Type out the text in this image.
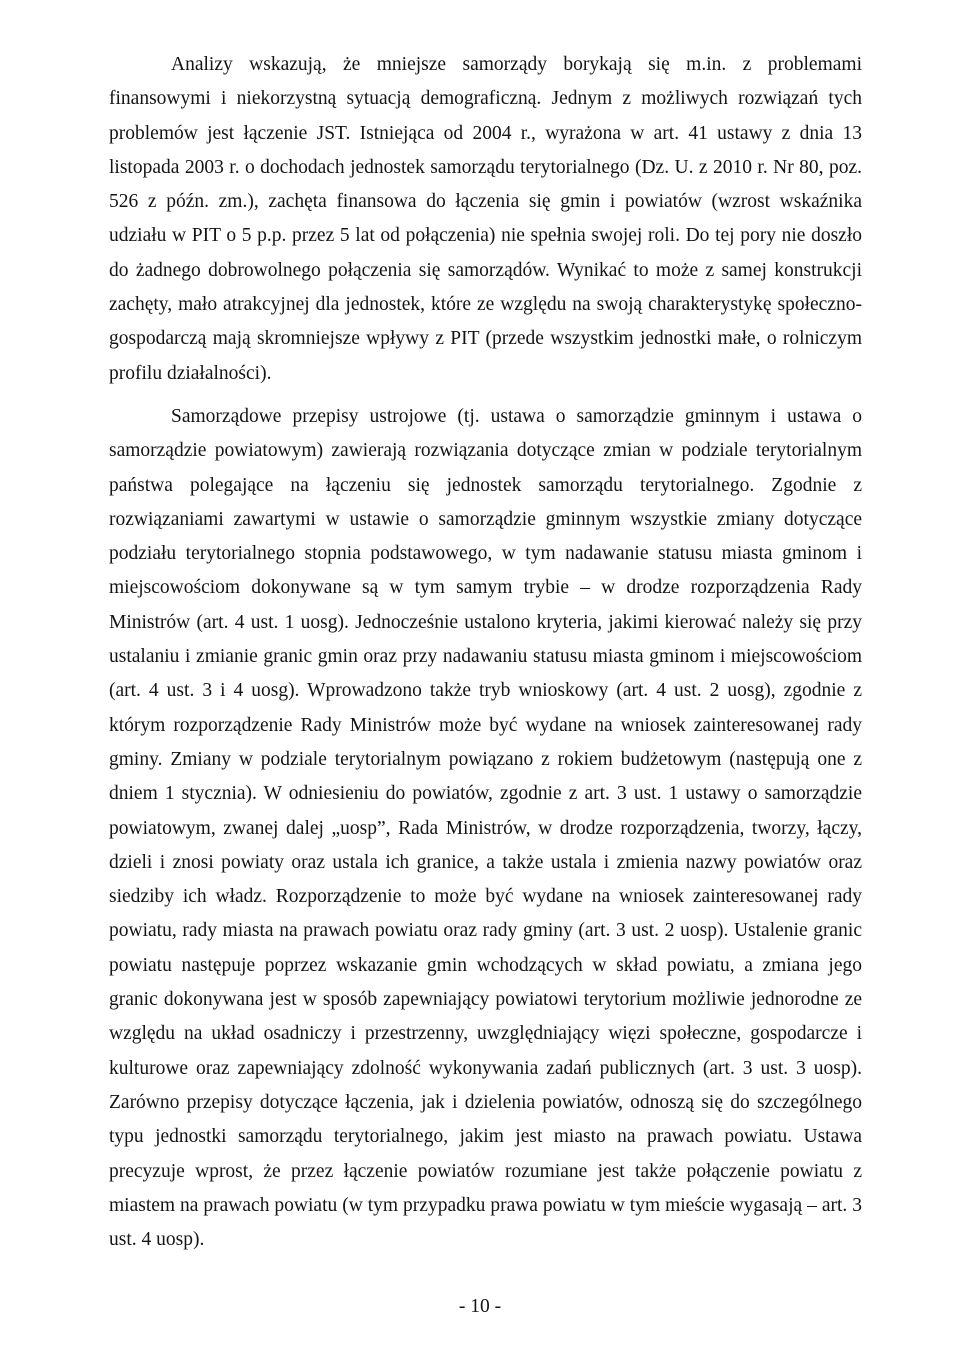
Analizy wskazują, że mniejsze samorządy borykają się m.in. z problemami finansowymi i niekorzystną sytuacją demograficzną. Jednym z możliwych rozwiązań tych problemów jest łączenie JST. Istniejąca od 2004 r., wyrażona w art. 41 ustawy z dnia 13 listopada 2003 r. o dochodach jednostek samorządu terytorialnego (Dz. U. z 2010 r. Nr 80, poz. 526 z późn. zm.), zachęta finansowa do łączenia się gmin i powiatów (wzrost wskaźnika udziału w PIT o 5 p.p. przez 5 lat od połączenia) nie spełnia swojej roli. Do tej pory nie doszło do żadnego dobrowolnego połączenia się samorządów. Wynikać to może z samej konstrukcji zachęty, mało atrakcyjnej dla jednostek, które ze względu na swoją charakterystykę społeczno-gospodarczą mają skromniejsze wpływy z PIT (przede wszystkim jednostki małe, o rolniczym profilu działalności).

Samorządowe przepisy ustrojowe (tj. ustawa o samorządzie gminnym i ustawa o samorządzie powiatowym) zawierają rozwiązania dotyczące zmian w podziale terytorialnym państwa polegające na łączeniu się jednostek samorządu terytorialnego. Zgodnie z rozwiązaniami zawartymi w ustawie o samorządzie gminnym wszystkie zmiany dotyczące podziału terytorialnego stopnia podstawowego, w tym nadawanie statusu miasta gminom i miejscowościom dokonywane są w tym samym trybie – w drodze rozporządzenia Rady Ministrów (art. 4 ust. 1 uosg). Jednocześnie ustalono kryteria, jakimi kierować należy się przy ustalaniu i zmianie granic gmin oraz przy nadawaniu statusu miasta gminom i miejscowościom (art. 4 ust. 3 i 4 uosg). Wprowadzono także tryb wnioskowy (art. 4 ust. 2 uosg), zgodnie z którym rozporządzenie Rady Ministrów może być wydane na wniosek zainteresowanej rady gminy. Zmiany w podziale terytorialnym powiązano z rokiem budżetowym (następują one z dniem 1 stycznia). W odniesieniu do powiatów, zgodnie z art. 3 ust. 1 ustawy o samorządzie powiatowym, zwanej dalej „uosp”, Rada Ministrów, w drodze rozporządzenia, tworzy, łączy, dzieli i znosi powiaty oraz ustala ich granice, a także ustala i zmienia nazwy powiatów oraz siedziby ich władz. Rozporządzenie to może być wydane na wniosek zainteresowanej rady powiatu, rady miasta na prawach powiatu oraz rady gminy (art. 3 ust. 2 uosp). Ustalenie granic powiatu następuje poprzez wskazanie gmin wchodzących w skład powiatu, a zmiana jego granic dokonywana jest w sposób zapewniający powiatowi terytorium możliwie jednorodne ze względu na układ osadniczy i przestrzenny, uwzględniający więzi społeczne, gospodarcze i kulturowe oraz zapewniający zdolność wykonywania zadań publicznych (art. 3 ust. 3 uosp). Zarówno przepisy dotyczące łączenia, jak i dzielenia powiatów, odnoszą się do szczególnego typu jednostki samorządu terytorialnego, jakim jest miasto na prawach powiatu. Ustawa precyzuje wprost, że przez łączenie powiatów rozumiane jest także połączenie powiatu z miastem na prawach powiatu (w tym przypadku prawa powiatu w tym mieście wygasają – art. 3 ust. 4 uosp).

- 10 -
